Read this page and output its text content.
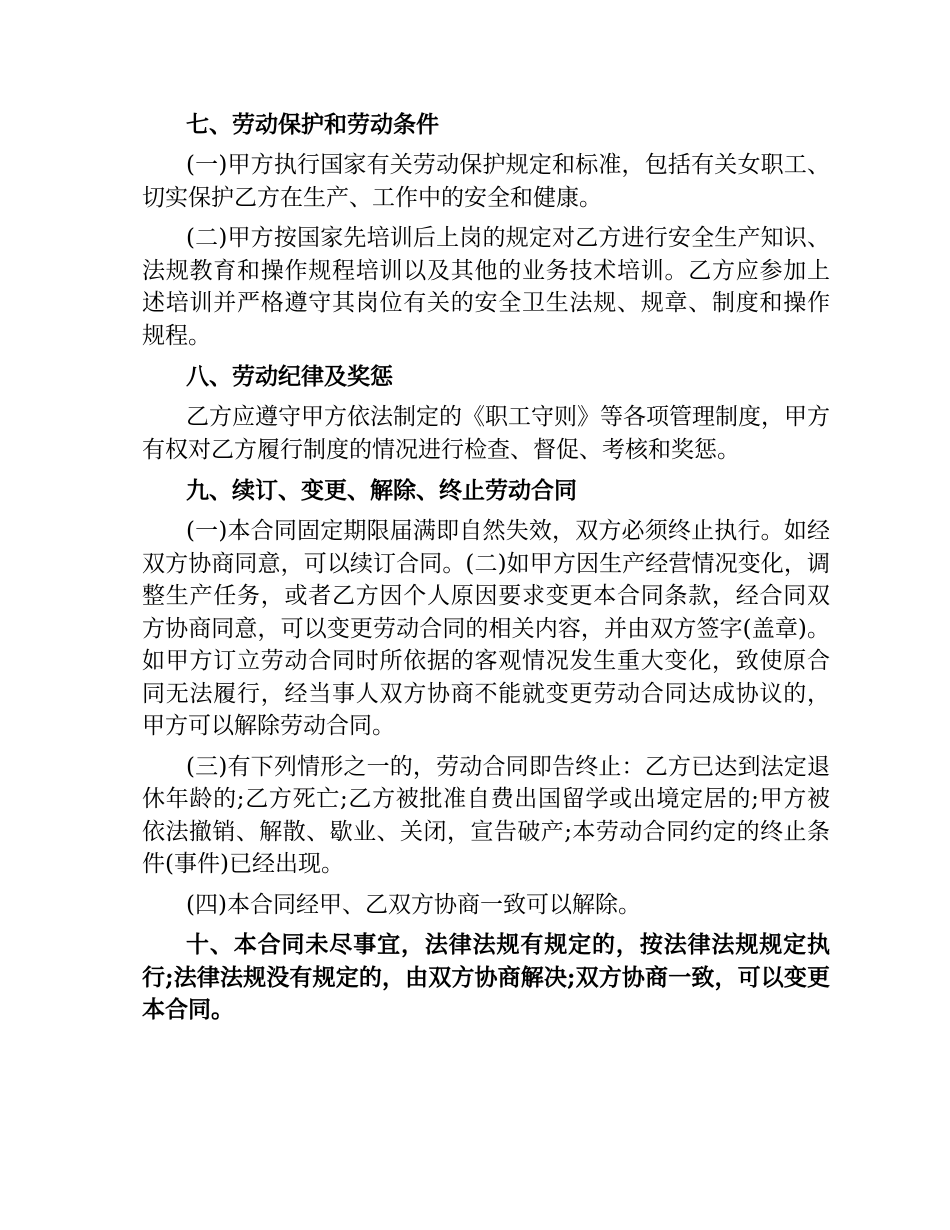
七、劳动保护和劳动条件

(一)甲方执行国家有关劳动保护规定和标准，包括有关女职工、切实保护乙方在生产、工作中的安全和健康。

(二)甲方按国家先培训后上岗的规定对乙方进行安全生产知识、法规教育和操作规程培训以及其他的业务技术培训。乙方应参加上述培训并严格遵守其岗位有关的安全卫生法规、规章、制度和操作规程。

八、劳动纪律及奖惩

乙方应遵守甲方依法制定的《职工守则》等各项管理制度，甲方有权对乙方履行制度的情况进行检查、督促、考核和奖惩。

九、续订、变更、解除、终止劳动合同

(一)本合同固定期限届满即自然失效，双方必须终止执行。如经双方协商同意，可以续订合同。(二)如甲方因生产经营情况变化，调整生产任务，或者乙方因个人原因要求变更本合同条款，经合同双方协商同意，可以变更劳动合同的相关内容，并由双方签字(盖章)。如甲方订立劳动合同时所依据的客观情况发生重大变化，致使原合同无法履行，经当事人双方协商不能就变更劳动合同达成协议的，甲方可以解除劳动合同。

(三)有下列情形之一的，劳动合同即告终止：乙方已达到法定退休年龄的;乙方死亡;乙方被批准自费出国留学或出境定居的;甲方被依法撤销、解散、歇业、关闭，宣告破产;本劳动合同约定的终止条件(事件)已经出现。

(四)本合同经甲、乙双方协商一致可以解除。

十、本合同未尽事宜，法律法规有规定的，按法律法规规定执行;法律法规没有规定的，由双方协商解决;双方协商一致，可以变更本合同。
